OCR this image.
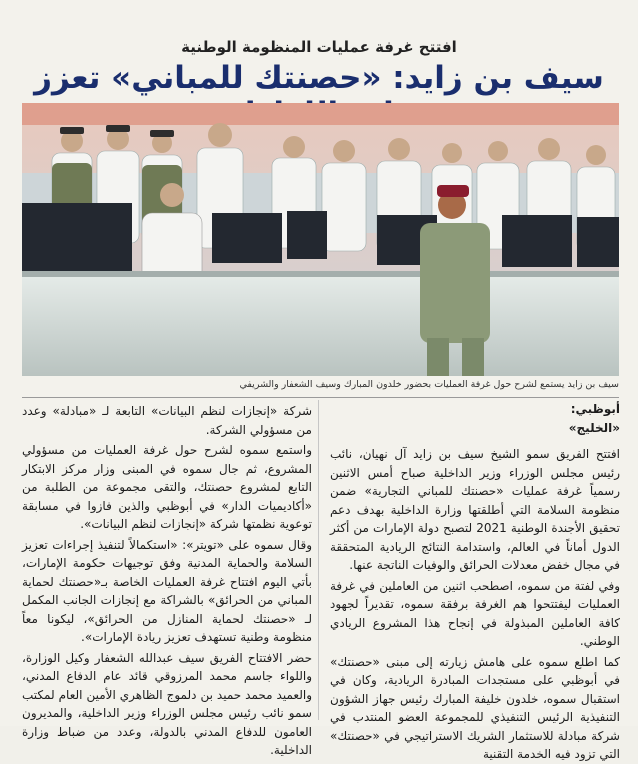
افتتح غرفة عمليات المنظومة الوطنية
سيف بن زايد: «حصنتك للمباني» تعزز
سيف بن زايد يستمع لشرح حول غرفة العمليات بحضور خلدون المبارك وسيف الشعفار والشريفي
أبوظبي:
«الخليج»

افتتح الفريق سمو الشيخ سيف بن زايد آل نهيان، نائب رئيس مجلس الوزراء وزير الداخلية صباح أمس الاثنين رسمياً غرفة عمليات «حصنتك للمباني التجارية» ضمن منظومة السلامة التي أطلقتها وزارة الداخلية بهدف دعم تحقيق الأجندة الوطنية 2021 لتصبح دولة الإمارات من أكثر الدول أماناً في العالم، واستدامة النتائج الريادية المتحققة في مجال خفض معدلات الحرائق والوفيات الناتجة عنها.

وفي لفتة من سموه، اصطحب اثنين من العاملين في غرفة العمليات ليفتتحوا هم الغرفة برفقة سموه، تقديراً لجهود كافة العاملين المبذولة في إنجاح هذا المشروع الريادي الوطني.

كما اطلع سموه على هامش زيارته إلى مبنى «حصنتك» في أبوظبي على مستجدات المبادرة الريادية، وكان في استقبال سموه، خلدون خليفة المبارك رئيس جهاز الشؤون التنفيذية الرئيس التنفيذي للمجموعة العضو المنتدب في شركة مبادلة للاستثمار الشريك الاستراتيجي في «حصنتك» التي تزود فيه الخدمة التقنية

شركة «إنجازات لنظم البيانات» التابعة لـ «مبادلة» وعدد من مسؤولي الشركة.

واستمع سموه لشرح حول غرفة العمليات من مسؤولي المشروع، ثم جال سموه في المبنى وزار مركز الابتكار التابع لمشروع حصنتك، والتقى مجموعة من الطلبة من «أكاديميات الدار» في أبوظبي والذين فازوا في مسابقة توعوية نظمتها شركة «إنجازات لنظم البيانات».

وقال سموه على «تويتر»: «استكمالاً لتنفيذ إجراءات تعزيز السلامة والحماية المدنية وفق توجيهات حكومة الإمارات، بأتي اليوم افتتاح غرفة العمليات الخاصة بـ«حصنتك لحماية المباني من الحرائق» بالشراكة مع إنجازات الجانب المكمل لـ «حصنتك لحماية المنازل من الحرائق»، ليكونا معاً منظومة وطنية تستهدف تعزيز ريادة الإمارات».

حضر الافتتاح الفريق سيف عبدالله الشعفار وكيل الوزارة، واللواء جاسم محمد المرزوقي قائد عام الدفاع المدني، والعميد محمد حميد بن دلموج الظاهري الأمين العام لمكتب سمو نائب رئيس مجلس الوزراء وزير الداخلية، والمديرون العامون للدفاع المدني بالدولة، وعدد من ضباط وزارة الداخلية.
